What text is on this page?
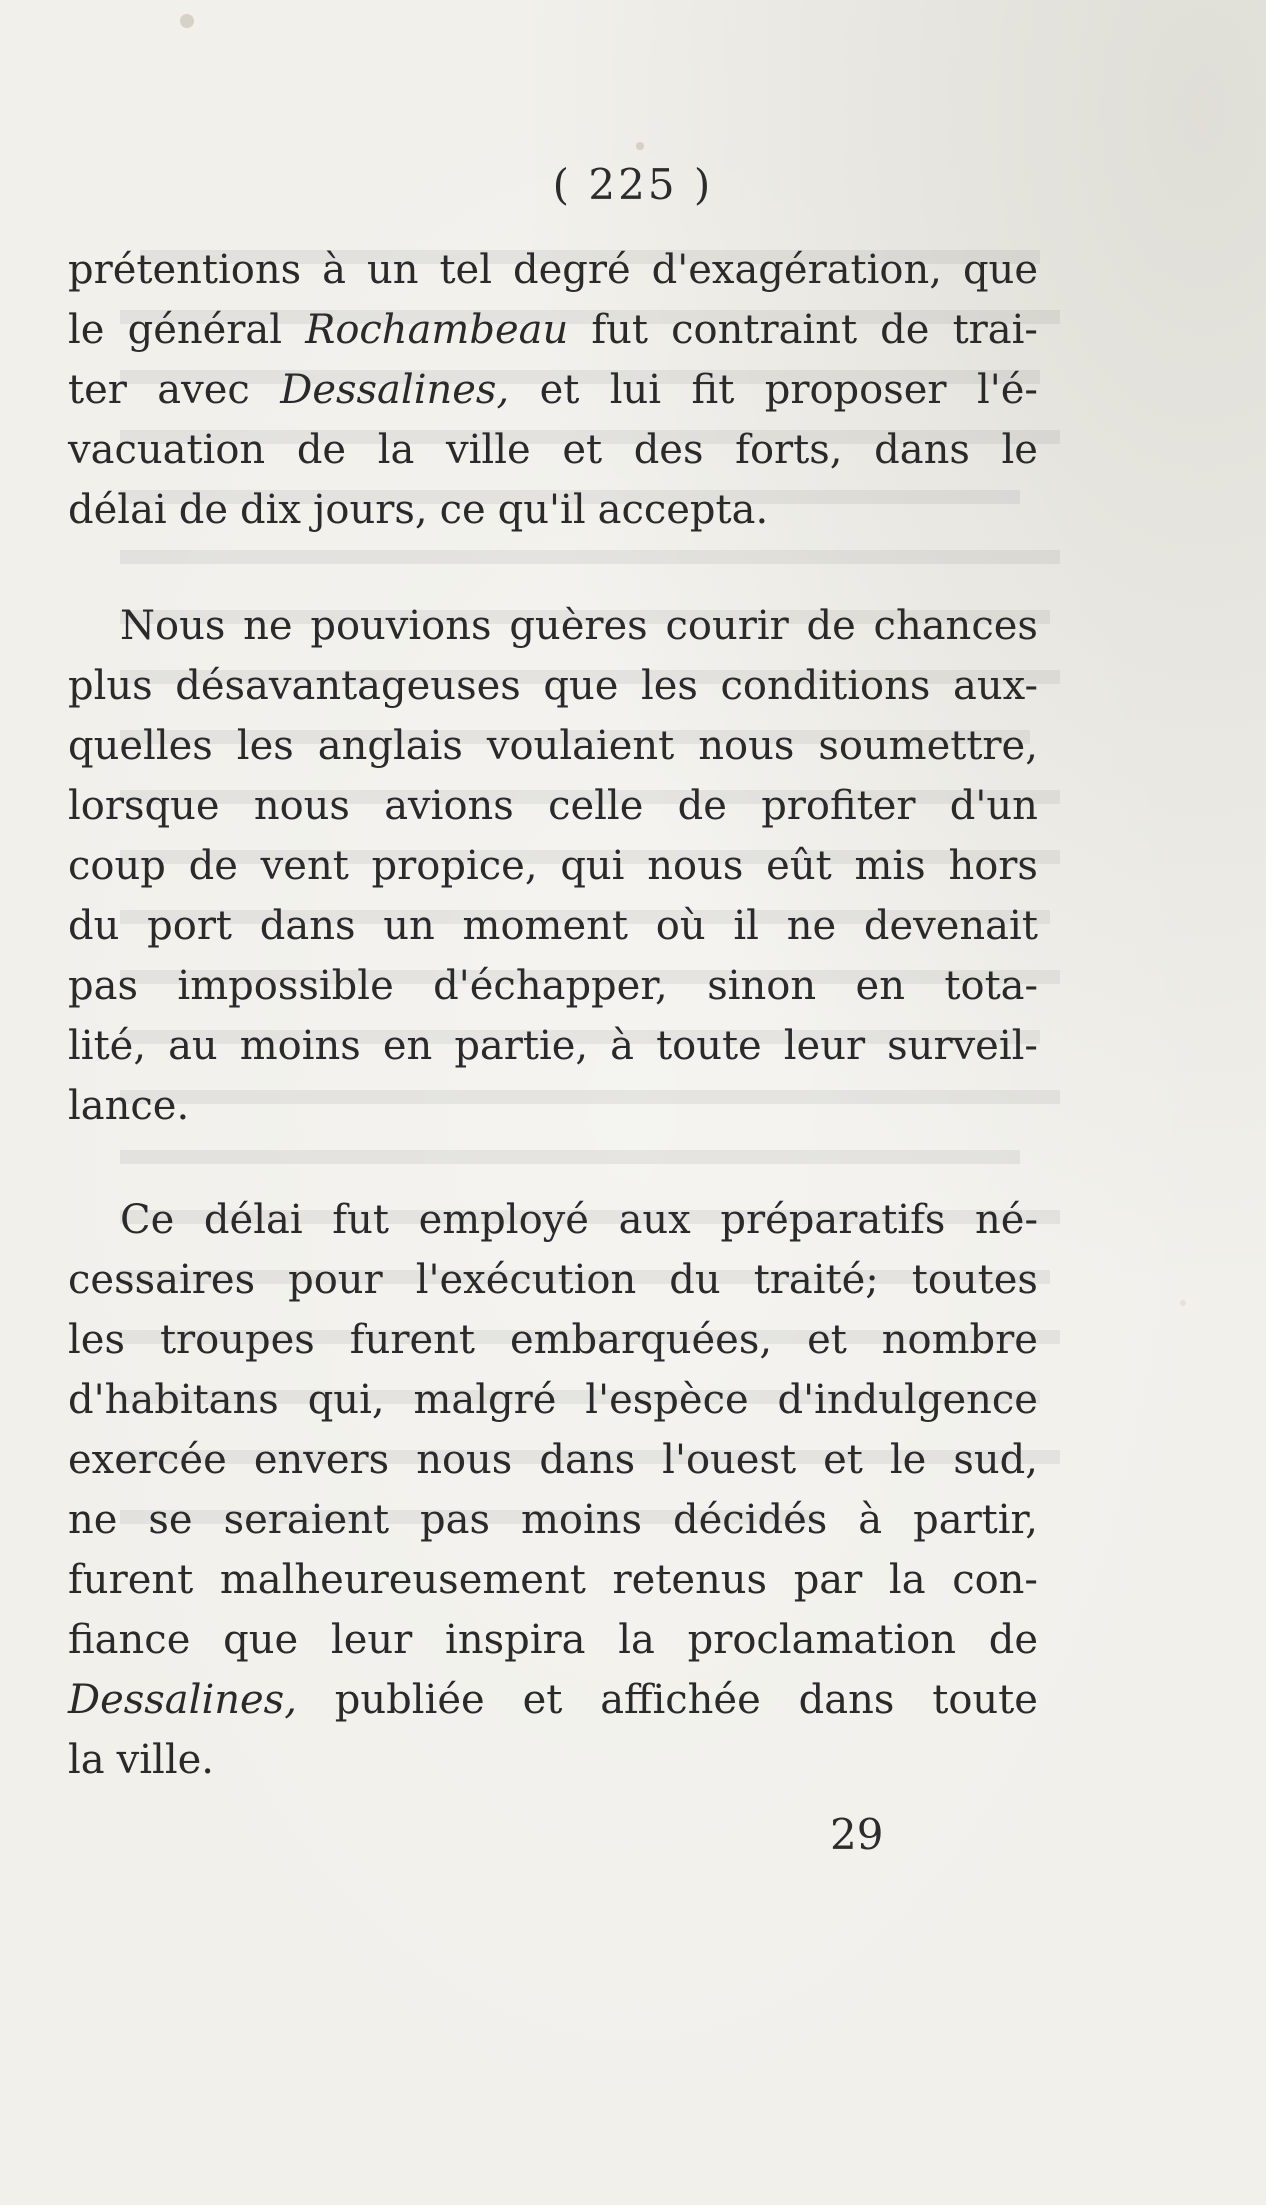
( 225 )
prétentions à un tel degré d'exagération, que
le général Rochambeau fut contraint de trai-
ter avec Dessalines, et lui fit proposer l'é-
vacuation de la ville et des forts, dans le
délai de dix jours, ce qu'il accepta.
Nous ne pouvions guères courir de chances
plus désavantageuses que les conditions aux-
quelles les anglais voulaient nous soumettre,
lorsque nous avions celle de profiter d'un
coup de vent propice, qui nous eût mis hors
du port dans un moment où il ne devenait
pas impossible d'échapper, sinon en tota-
lité, au moins en partie, à toute leur surveil-
lance.
Ce délai fut employé aux préparatifs né-
cessaires pour l'exécution du traité; toutes
les troupes furent embarquées, et nombre
d'habitans qui, malgré l'espèce d'indulgence
exercée envers nous dans l'ouest et le sud,
ne se seraient pas moins décidés à partir,
furent malheureusement retenus par la con-
fiance que leur inspira la proclamation de
Dessalines, publiée et affichée dans toute
la ville.
29
